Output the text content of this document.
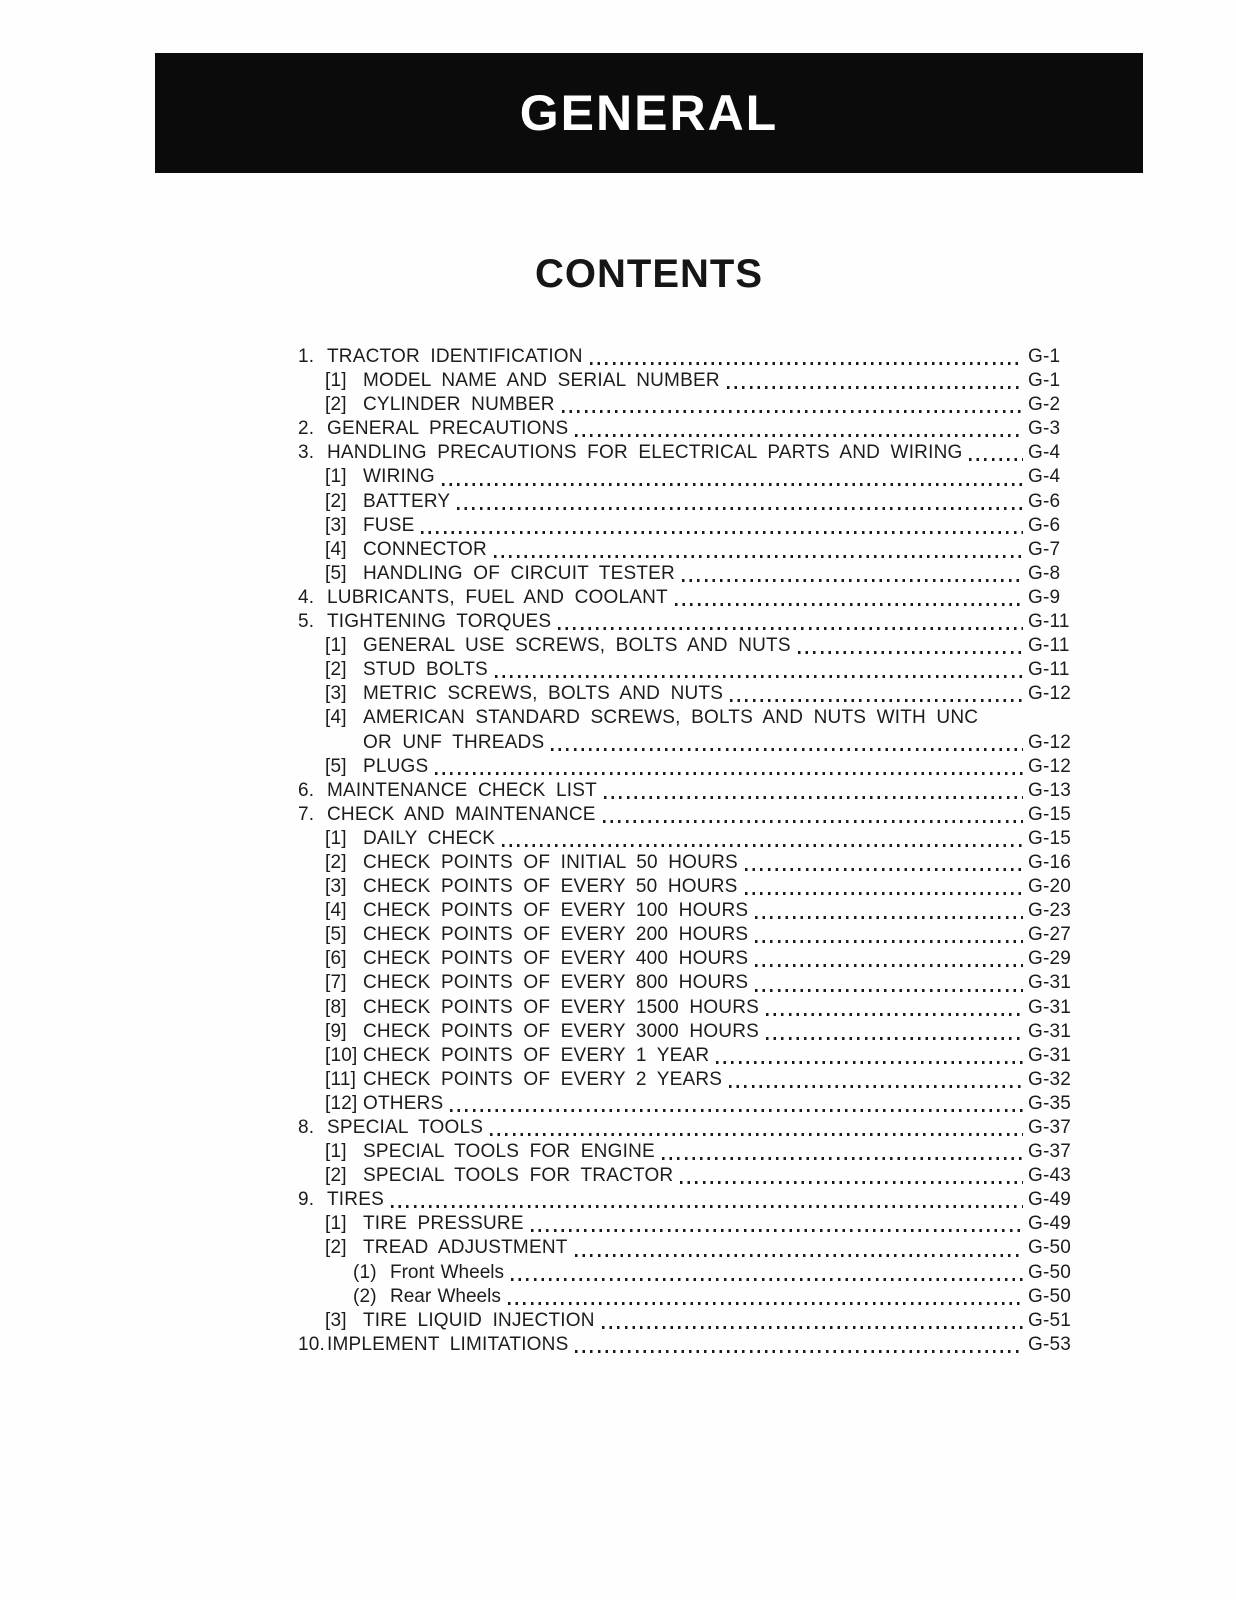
GENERAL
CONTENTS
1. TRACTOR IDENTIFICATION	G-1
[1] MODEL NAME AND SERIAL NUMBER	G-1
[2] CYLINDER NUMBER	G-2
2. GENERAL PRECAUTIONS	G-3
3. HANDLING PRECAUTIONS FOR ELECTRICAL PARTS AND WIRING	G-4
[1] WIRING	G-4
[2] BATTERY	G-6
[3] FUSE	G-6
[4] CONNECTOR	G-7
[5] HANDLING OF CIRCUIT TESTER	G-8
4. LUBRICANTS, FUEL AND COOLANT	G-9
5. TIGHTENING TORQUES	G-11
[1] GENERAL USE SCREWS, BOLTS AND NUTS	G-11
[2] STUD BOLTS	G-11
[3] METRIC SCREWS, BOLTS AND NUTS	G-12
[4] AMERICAN STANDARD SCREWS, BOLTS AND NUTS WITH UNC
OR UNF THREADS	G-12
[5] PLUGS	G-12
6. MAINTENANCE CHECK LIST	G-13
7. CHECK AND MAINTENANCE	G-15
[1] DAILY CHECK	G-15
[2] CHECK POINTS OF INITIAL 50 HOURS	G-16
[3] CHECK POINTS OF EVERY 50 HOURS	G-20
[4] CHECK POINTS OF EVERY 100 HOURS	G-23
[5] CHECK POINTS OF EVERY 200 HOURS	G-27
[6] CHECK POINTS OF EVERY 400 HOURS	G-29
[7] CHECK POINTS OF EVERY 800 HOURS	G-31
[8] CHECK POINTS OF EVERY 1500 HOURS	G-31
[9] CHECK POINTS OF EVERY 3000 HOURS	G-31
[10] CHECK POINTS OF EVERY 1 YEAR	G-31
[11] CHECK POINTS OF EVERY 2 YEARS	G-32
[12] OTHERS	G-35
8. SPECIAL TOOLS	G-37
[1] SPECIAL TOOLS FOR ENGINE	G-37
[2] SPECIAL TOOLS FOR TRACTOR	G-43
9. TIRES	G-49
[1] TIRE PRESSURE	G-49
[2] TREAD ADJUSTMENT	G-50
(1) Front Wheels	G-50
(2) Rear Wheels	G-50
[3] TIRE LIQUID INJECTION	G-51
10. IMPLEMENT LIMITATIONS	G-53
